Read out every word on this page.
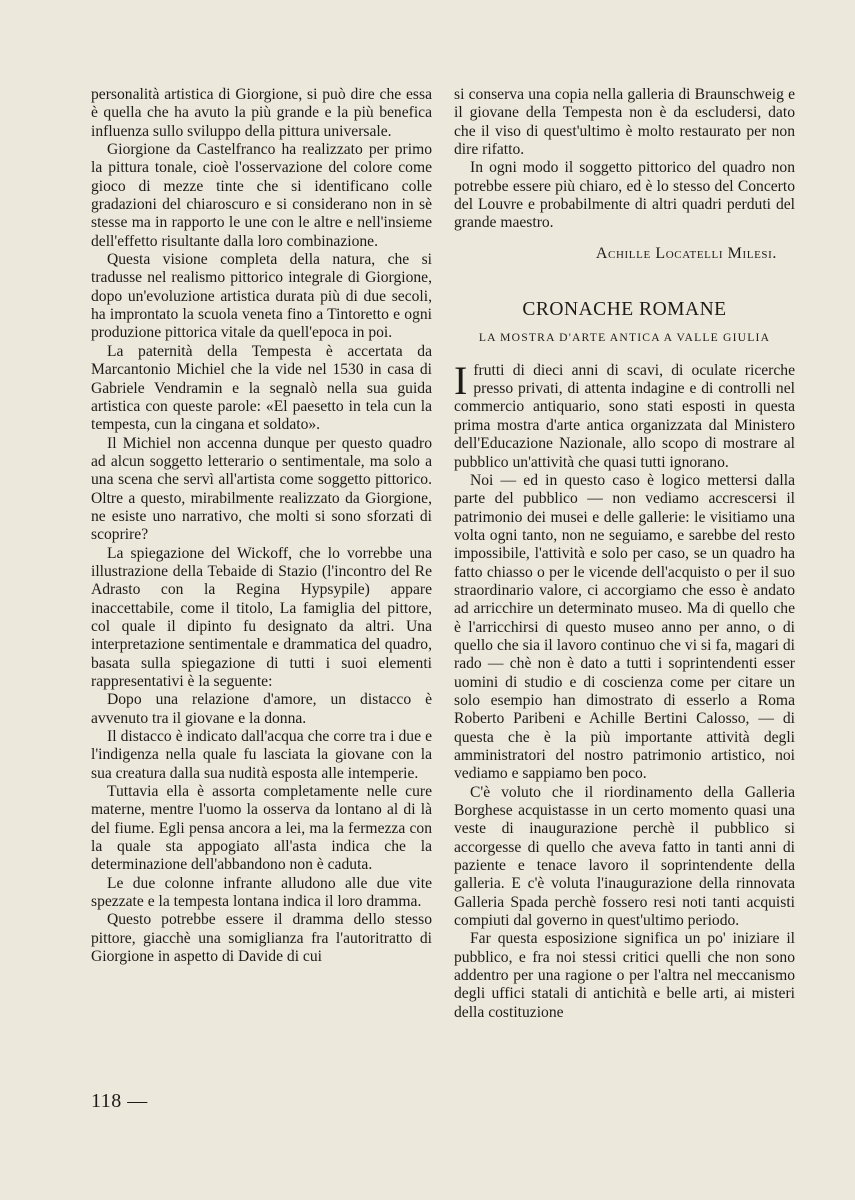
personalità artistica di Giorgione, si può dire che essa è quella che ha avuto la più grande e la più benefica influenza sullo sviluppo della pittura universale.

Giorgione da Castelfranco ha realizzato per primo la pittura tonale, cioè l'osservazione del colore come gioco di mezze tinte che si identificano colle gradazioni del chiaroscuro e si considerano non in sè stesse ma in rapporto le une con le altre e nell'insieme dell'effetto risultante dalla loro combinazione.

Questa visione completa della natura, che si tradusse nel realismo pittorico integrale di Giorgione, dopo un'evoluzione artistica durata più di due secoli, ha improntato la scuola veneta fino a Tintoretto e ogni produzione pittorica vitale da quell'epoca in poi.

La paternità della Tempesta è accertata da Marcantonio Michiel che la vide nel 1530 in casa di Gabriele Vendramin e la segnalò nella sua guida artistica con queste parole: «El paesetto in tela cun la tempesta, cun la cingana et soldato».

Il Michiel non accenna dunque per questo quadro ad alcun soggetto letterario o sentimentale, ma solo a una scena che servì all'artista come soggetto pittorico. Oltre a questo, mirabilmente realizzato da Giorgione, ne esiste uno narrativo, che molti si sono sforzati di scoprire?

La spiegazione del Wickoff, che lo vorrebbe una illustrazione della Tebaide di Stazio (l'incontro del Re Adrasto con la Regina Hypsypile) appare inaccettabile, come il titolo, La famiglia del pittore, col quale il dipinto fu designato da altri. Una interpretazione sentimentale e drammatica del quadro, basata sulla spiegazione di tutti i suoi elementi rappresentativi è la seguente:

Dopo una relazione d'amore, un distacco è avvenuto tra il giovane e la donna.

Il distacco è indicato dall'acqua che corre tra i due e l'indigenza nella quale fu lasciata la giovane con la sua creatura dalla sua nudità esposta alle intemperie.

Tuttavia ella è assorta completamente nelle cure materne, mentre l'uomo la osserva da lontano al di là del fiume. Egli pensa ancora a lei, ma la fermezza con la quale sta appogiato all'asta indica che la determinazione dell'abbandono non è caduta.

Le due colonne infrante alludono alle due vite spezzate e la tempesta lontana indica il loro dramma.

Questo potrebbe essere il dramma dello stesso pittore, giacchè una somiglianza fra l'autoritratto di Giorgione in aspetto di Davide di cui

si conserva una copia nella galleria di Braunschweig e il giovane della Tempesta non è da escludersi, dato che il viso di quest'ultimo è molto restaurato per non dire rifatto.

In ogni modo il soggetto pittorico del quadro non potrebbe essere più chiaro, ed è lo stesso del Concerto del Louvre e probabilmente di altri quadri perduti del grande maestro.

Achille Locatelli Milesi.

CRONACHE ROMANE
LA MOSTRA D'ARTE ANTICA A VALLE GIULIA

Ifrutti di dieci anni di scavi, di oculate ricerche presso privati, di attenta indagine e di controlli nel commercio antiquario, sono stati esposti in questa prima mostra d'arte antica organizzata dal Ministero dell'Educazione Nazionale, allo scopo di mostrare al pubblico un'attività che quasi tutti ignorano.

Noi — ed in questo caso è logico mettersi dalla parte del pubblico — non vediamo accrescersi il patrimonio dei musei e delle gallerie: le visitiamo una volta ogni tanto, non ne seguiamo, e sarebbe del resto impossibile, l'attività e solo per caso, se un quadro ha fatto chiasso o per le vicende dell'acquisto o per il suo straordinario valore, ci accorgiamo che esso è andato ad arricchire un determinato museo. Ma di quello che è l'arricchirsi di questo museo anno per anno, o di quello che sia il lavoro continuo che vi si fa, magari di rado — chè non è dato a tutti i soprintendenti esser uomini di studio e di coscienza come per citare un solo esempio han dimostrato di esserlo a Roma Roberto Paribeni e Achille Bertini Calosso, — di questa che è la più importante attività degli amministratori del nostro patrimonio artistico, noi vediamo e sappiamo ben poco.

C'è voluto che il riordinamento della Galleria Borghese acquistasse in un certo momento quasi una veste di inaugurazione perchè il pubblico si accorgesse di quello che aveva fatto in tanti anni di paziente e tenace lavoro il soprintendente della galleria. E c'è voluta l'inaugurazione della rinnovata Galleria Spada perchè fossero resi noti tanti acquisti compiuti dal governo in quest'ultimo periodo.

Far questa esposizione significa un po' iniziare il pubblico, e fra noi stessi critici quelli che non sono addentro per una ragione o per l'altra nel meccanismo degli uffici statali di antichità e belle arti, ai misteri della costituzione

118 —
